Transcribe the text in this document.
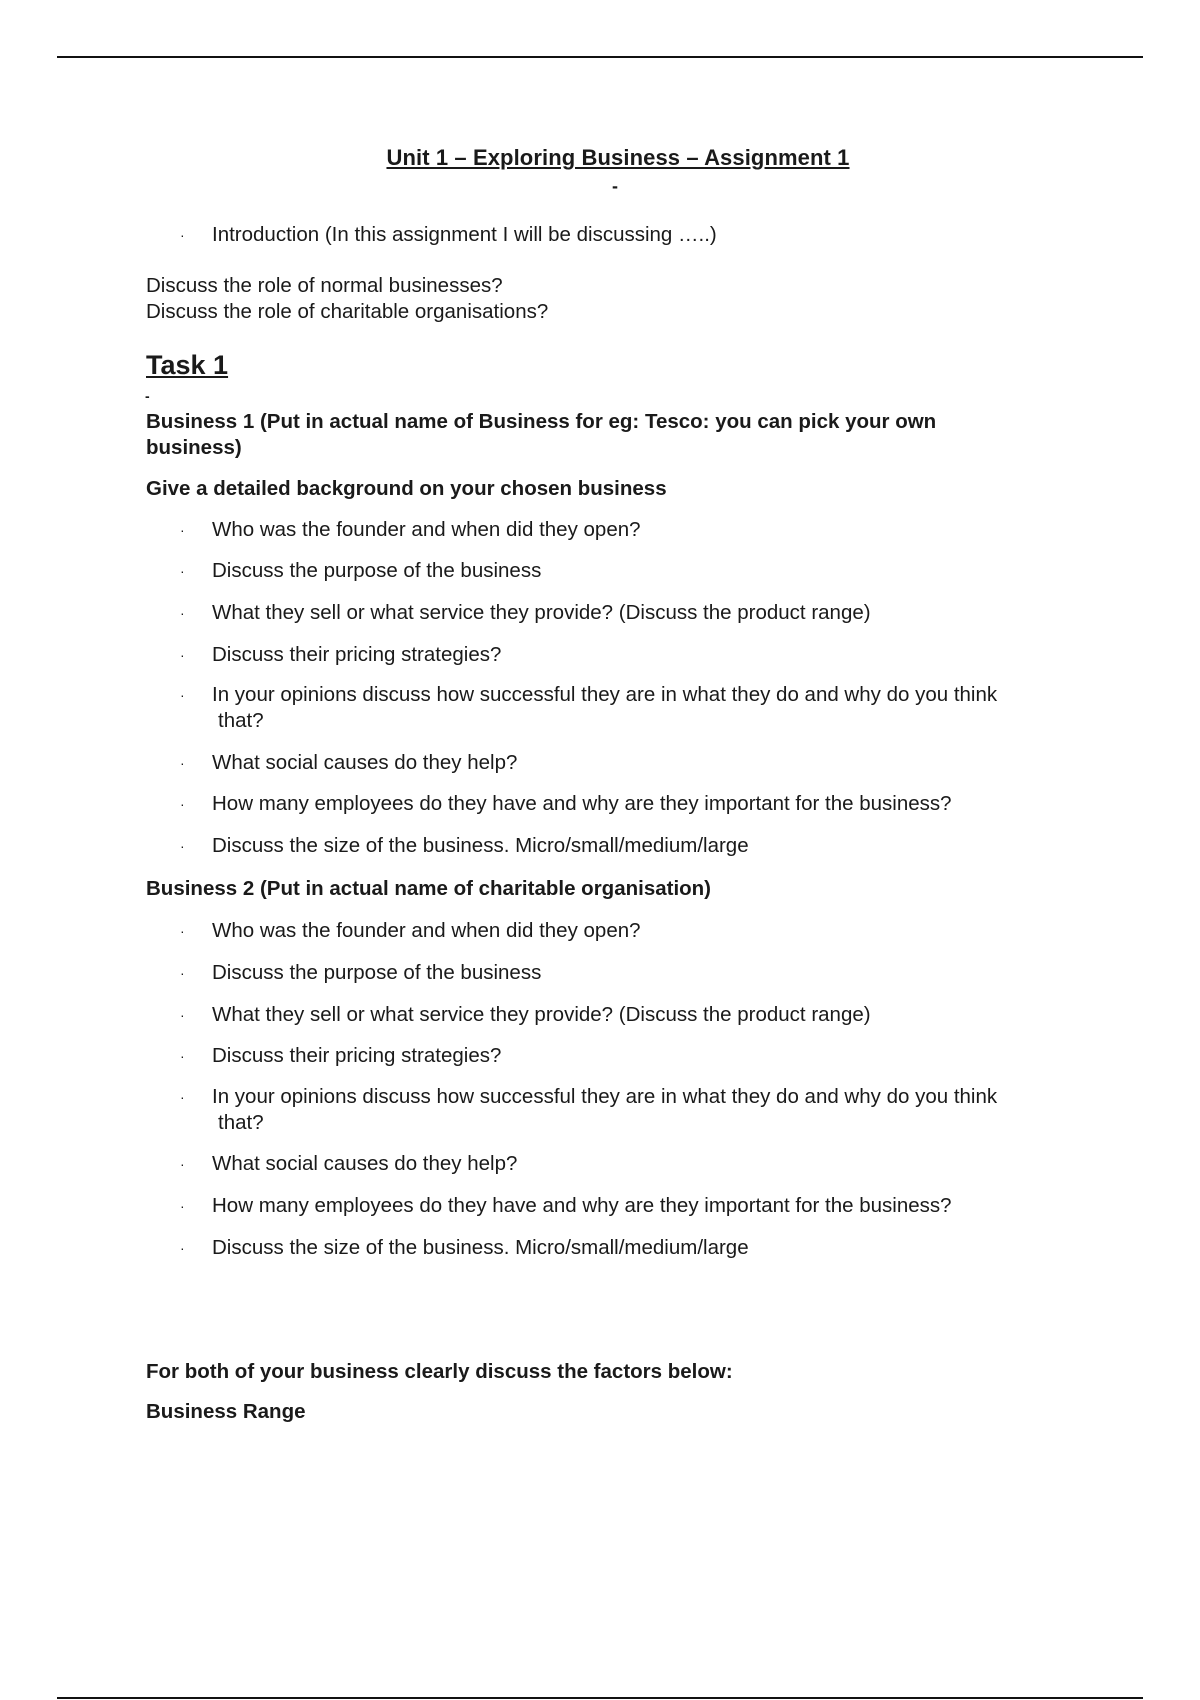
Unit 1 – Exploring Business – Assignment 1
-
· Introduction (In this assignment I will be discussing …..)
Discuss the role of normal businesses?
Discuss the role of charitable organisations?
Task 1
-
Business 1 (Put in actual name of Business for eg: Tesco: you can pick your own
business)
Give a detailed background on your chosen business
· Who was the founder and when did they open?
· Discuss the purpose of the business
· What they sell or what service they provide? (Discuss the product range)
· Discuss their pricing strategies?
· In your opinions discuss how successful they are in what they do and why do you think
that?
· What social causes do they help?
· How many employees do they have and why are they important for the business?
· Discuss the size of the business. Micro/small/medium/large
Business 2 (Put in actual name of charitable organisation)
· Who was the founder and when did they open?
· Discuss the purpose of the business
· What they sell or what service they provide? (Discuss the product range)
· Discuss their pricing strategies?
· In your opinions discuss how successful they are in what they do and why do you think
that?
· What social causes do they help?
· How many employees do they have and why are they important for the business?
· Discuss the size of the business. Micro/small/medium/large
For both of your business clearly discuss the factors below:
Business Range
